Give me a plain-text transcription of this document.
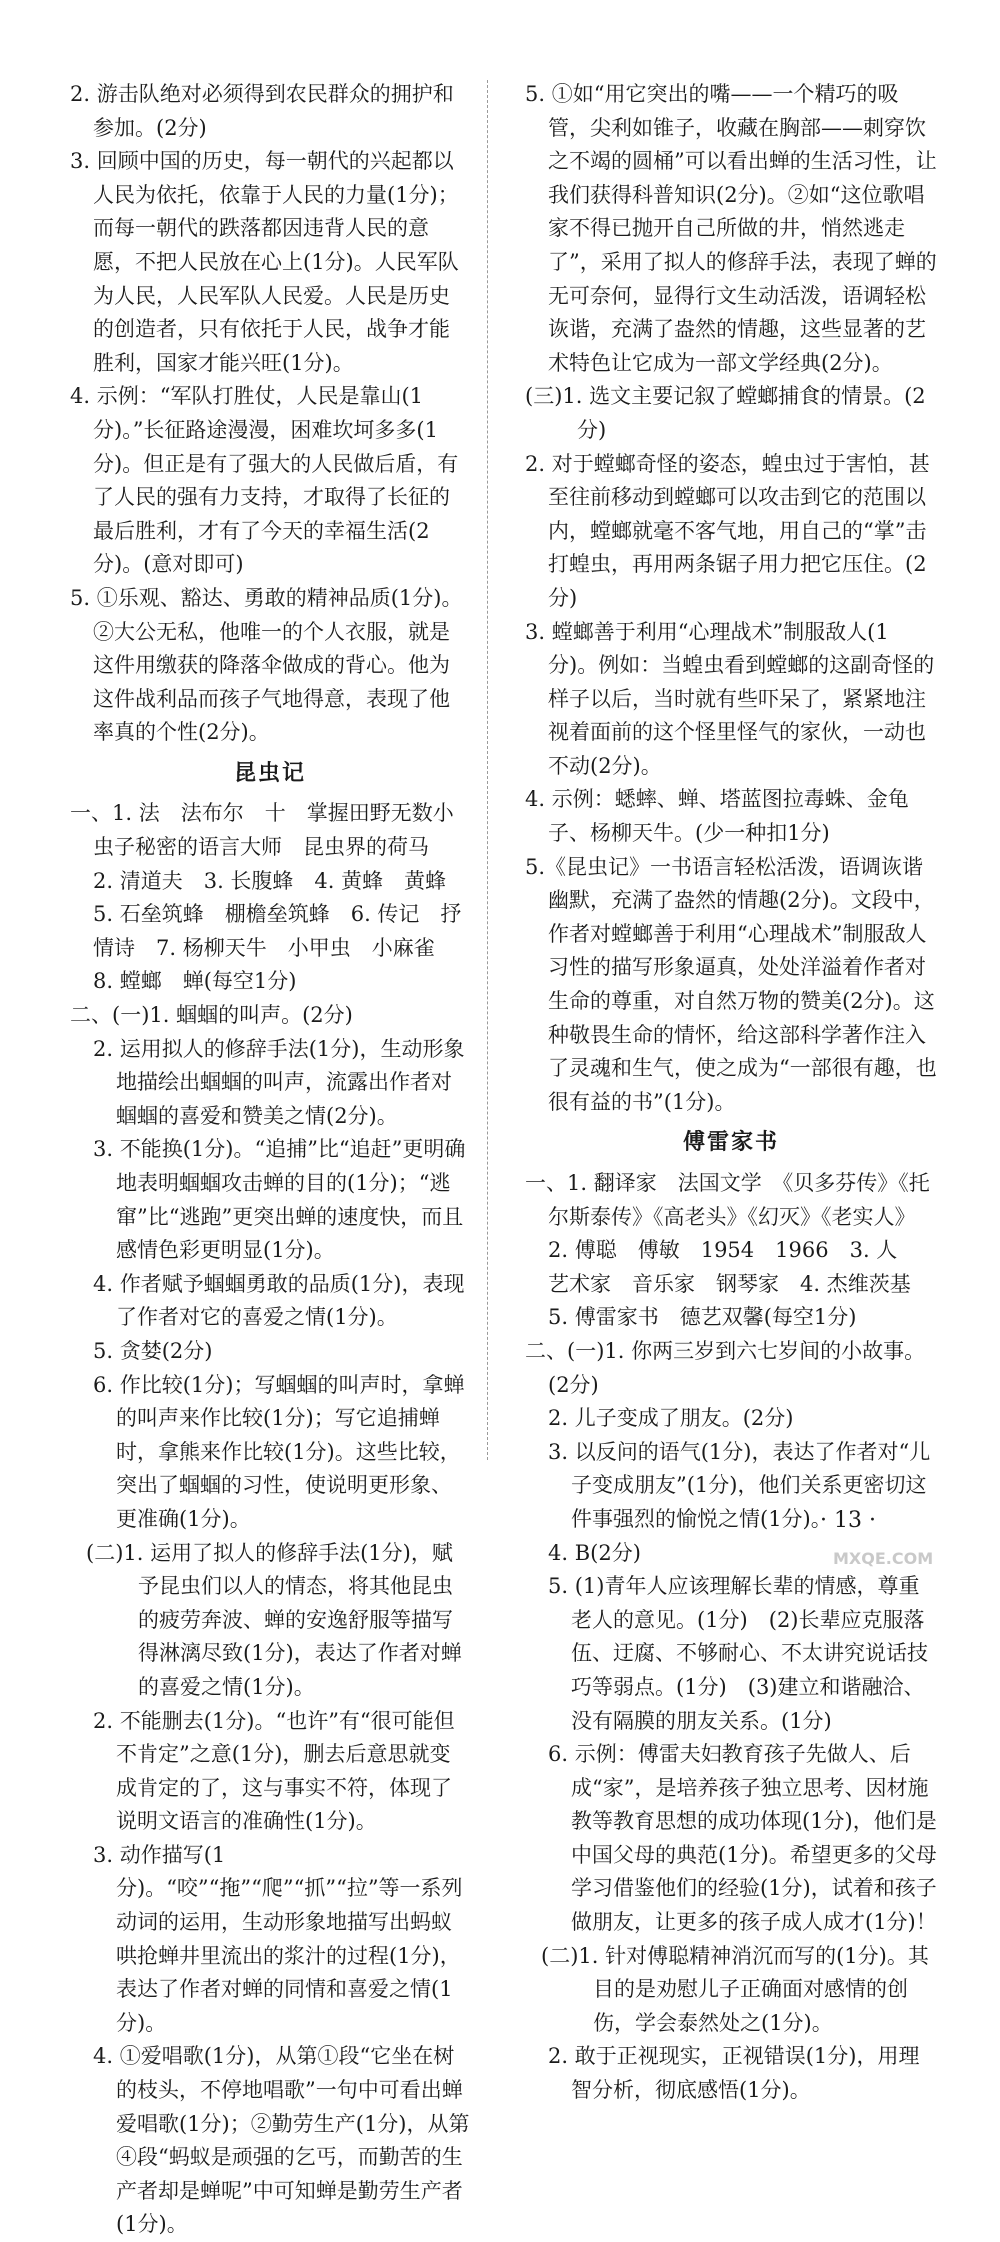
2. 游击队绝对必须得到农民群众的拥护和参加。(2分)

3. 回顾中国的历史，每一朝代的兴起都以人民为依托，依靠于人民的力量(1分)；而每一朝代的跌落都因违背人民的意愿，不把人民放在心上(1分)。人民军队为人民，人民军队人民爱。人民是历史的创造者，只有依托于人民，战争才能胜利，国家才能兴旺(1分)。

4. 示例：“军队打胜仗，人民是靠山(1分)。”长征路途漫漫，困难坎坷多多(1分)。但正是有了强大的人民做后盾，有了人民的强有力支持，才取得了长征的最后胜利，才有了今天的幸福生活(2分)。(意对即可)

5. ①乐观、豁达、勇敢的精神品质(1分)。②大公无私，他唯一的个人衣服，就是这件用缴获的降落伞做成的背心。他为这件战利品而孩子气地得意，表现了他率真的个性(2分)。

昆虫记

一、1. 法　法布尔　十　掌握田野无数小虫子秘密的语言大师　昆虫界的荷马　2. 清道夫　3. 长腹蜂　4. 黄蜂　黄蜂　5. 石垒筑蜂　棚檐垒筑蜂　6. 传记　抒情诗　7. 杨柳天牛　小甲虫　小麻雀　8. 螳螂　蝉(每空1分)

二、(一)1. 蝈蝈的叫声。(2分)

2. 运用拟人的修辞手法(1分)，生动形象地描绘出蝈蝈的叫声，流露出作者对蝈蝈的喜爱和赞美之情(2分)。

3. 不能换(1分)。“追捕”比“追赶”更明确地表明蝈蝈攻击蝉的目的(1分)；“逃窜”比“逃跑”更突出蝉的速度快，而且感情色彩更明显(1分)。

4. 作者赋予蝈蝈勇敢的品质(1分)，表现了作者对它的喜爱之情(1分)。

5. 贪婪(2分)

6. 作比较(1分)；写蝈蝈的叫声时，拿蝉的叫声来作比较(1分)；写它追捕蝉时，拿熊来作比较(1分)。这些比较，突出了蝈蝈的习性，使说明更形象、更准确(1分)。

(二)1. 运用了拟人的修辞手法(1分)，赋予昆虫们以人的情态，将其他昆虫的疲劳奔波、蝉的安逸舒服等描写得淋漓尽致(1分)，表达了作者对蝉的喜爱之情(1分)。

2. 不能删去(1分)。“也许”有“很可能但不肯定”之意(1分)，删去后意思就变成肯定的了，这与事实不符，体现了说明文语言的准确性(1分)。

3. 动作描写(1分)。“咬”“拖”“爬”“抓”“拉”等一系列动词的运用，生动形象地描写出蚂蚁哄抢蝉井里流出的浆汁的过程(1分)，表达了作者对蝉的同情和喜爱之情(1分)。

4. ①爱唱歌(1分)，从第①段“它坐在树的枝头，不停地唱歌”一句中可看出蝉爱唱歌(1分)；②勤劳生产(1分)，从第④段“蚂蚁是顽强的乞丐，而勤苦的生产者却是蝉呢”中可知蝉是勤劳生产者(1分)。

5. ①如“用它突出的嘴——一个精巧的吸管，尖利如锥子，收藏在胸部——刺穿饮之不竭的圆桶”可以看出蝉的生活习性，让我们获得科普知识(2分)。②如“这位歌唱家不得已抛开自己所做的井，悄然逃走了”，采用了拟人的修辞手法，表现了蝉的无可奈何，显得行文生动活泼，语调轻松诙谐，充满了盎然的情趣，这些显著的艺术特色让它成为一部文学经典(2分)。

(三)1. 选文主要记叙了螳螂捕食的情景。(2分)

2. 对于螳螂奇怪的姿态，蝗虫过于害怕，甚至往前移动到螳螂可以攻击到它的范围以内，螳螂就毫不客气地，用自己的“掌”击打蝗虫，再用两条锯子用力把它压住。(2分)

3. 螳螂善于利用“心理战术”制服敌人(1分)。例如：当蝗虫看到螳螂的这副奇怪的样子以后，当时就有些吓呆了，紧紧地注视着面前的这个怪里怪气的家伙，一动也不动(2分)。

4. 示例：蟋蟀、蝉、塔蓝图拉毒蛛、金龟子、杨柳天牛。(少一种扣1分)

5.《昆虫记》一书语言轻松活泼，语调诙谐幽默，充满了盎然的情趣(2分)。文段中，作者对螳螂善于利用“心理战术”制服敌人习性的描写形象逼真，处处洋溢着作者对生命的尊重，对自然万物的赞美(2分)。这种敬畏生命的情怀，给这部科学著作注入了灵魂和生气，使之成为“一部很有趣，也很有益的书”(1分)。

傅雷家书

一、1. 翻译家　法国文学　《贝多芬传》《托尔斯泰传》《高老头》《幻灭》《老实人》　2. 傅聪　傅敏　1954　1966　3. 人　艺术家　音乐家　钢琴家　4. 杰维茨基　5. 傅雷家书　德艺双馨(每空1分)

二、(一)1. 你两三岁到六七岁间的小故事。(2分)

2. 儿子变成了朋友。(2分)

3. 以反问的语气(1分)，表达了作者对“儿子变成朋友”(1分)，他们关系更密切这件事强烈的愉悦之情(1分)。

4. B(2分)

5. (1)青年人应该理解长辈的情感，尊重老人的意见。(1分)　(2)长辈应克服落伍、迂腐、不够耐心、不太讲究说话技巧等弱点。(1分)　(3)建立和谐融洽、没有隔膜的朋友关系。(1分)

6. 示例：傅雷夫妇教育孩子先做人、后成“家”，是培养孩子独立思考、因材施教等教育思想的成功体现(1分)，他们是中国父母的典范(1分)。希望更多的父母学习借鉴他们的经验(1分)，试着和孩子做朋友，让更多的孩子成人成才(1分)！

(二)1. 针对傅聪精神消沉而写的(1分)。其目的是劝慰儿子正确面对感情的创伤，学会泰然处之(1分)。

2. 敢于正视现实，正视错误(1分)，用理智分析，彻底感悟(1分)。

· 13 ·
MXQE.COM
